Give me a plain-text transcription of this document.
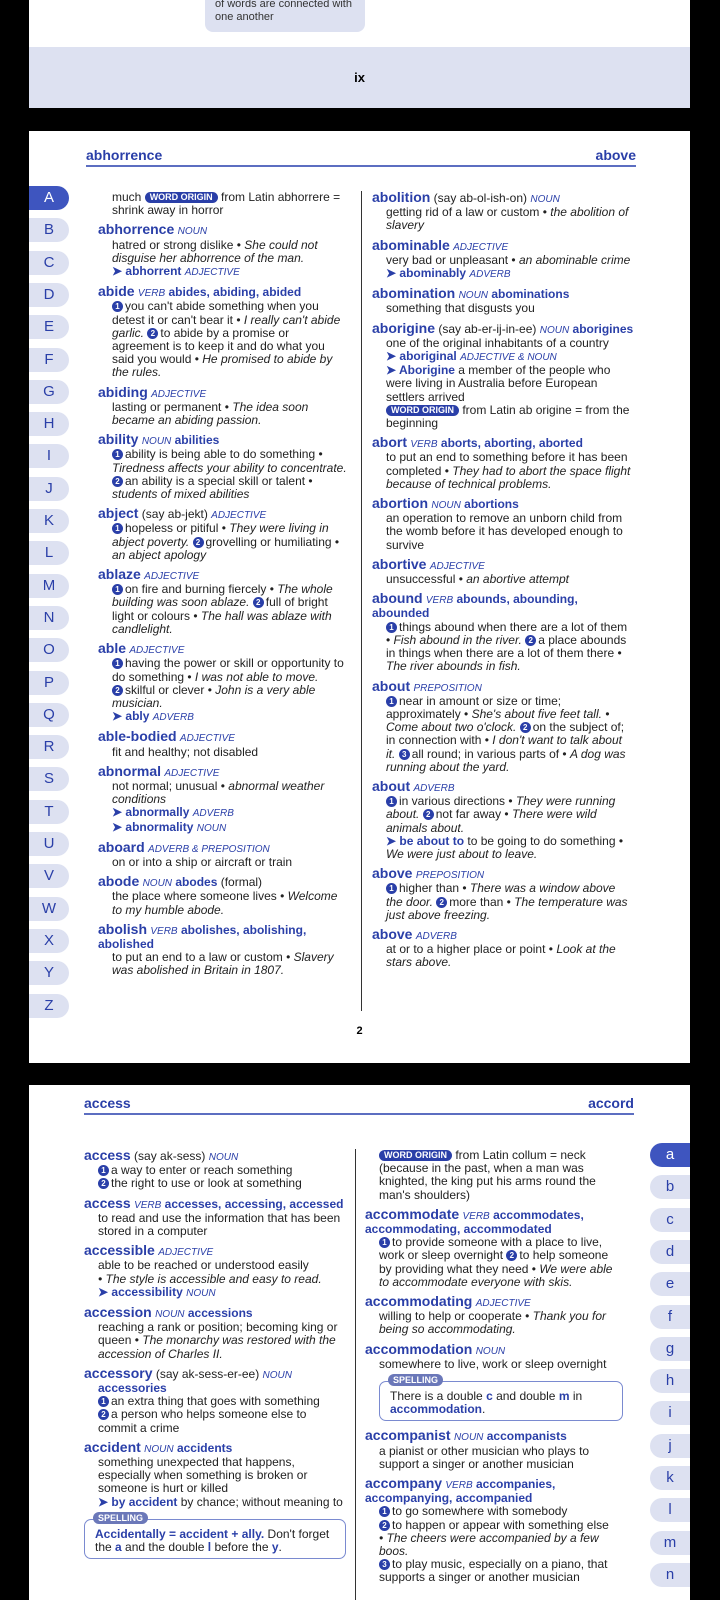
of words are connected with one another
ix
abhorrence	above
A
B
C
D
E
F
G
H
I
J
K
L
M
N
O
P
Q
R
S
T
U
V
W
X
Y
Z
much WORD ORIGIN from Latin abhorrere = shrink away in horror
abhorrence NOUN
hatred or strong dislike • She could not disguise her abhorrence of the man.
➤ abhorrent ADJECTIVE
abide VERB abides, abiding, abided
1 you can't abide something when you detest it or can't bear it • I really can't abide garlic. 2 to abide by a promise or agreement is to keep it and do what you said you would • He promised to abide by the rules.
abiding ADJECTIVE
lasting or permanent • The idea soon became an abiding passion.
ability NOUN abilities
1 ability is being able to do something • Tiredness affects your ability to concentrate. 2 an ability is a special skill or talent • students of mixed abilities
abject (say ab-jekt) ADJECTIVE
1 hopeless or pitiful • They were living in abject poverty. 2 grovelling or humiliating • an abject apology
ablaze ADJECTIVE
1 on fire and burning fiercely • The whole building was soon ablaze. 2 full of bright light or colours • The hall was ablaze with candlelight.
able ADJECTIVE
1 having the power or skill or opportunity to do something • I was not able to move.
2 skilful or clever • John is a very able musician.
➤ ably ADVERB
able-bodied ADJECTIVE
fit and healthy; not disabled
abnormal ADJECTIVE
not normal; unusual • abnormal weather conditions
➤ abnormally ADVERB
➤ abnormality NOUN
aboard ADVERB & PREPOSITION
on or into a ship or aircraft or train
abode NOUN abodes (formal)
the place where someone lives • Welcome to my humble abode.
abolish VERB abolishes, abolishing, abolished
to put an end to a law or custom • Slavery was abolished in Britain in 1807.
abolition (say ab-ol-ish-on) NOUN
getting rid of a law or custom • the abolition of slavery
abominable ADJECTIVE
very bad or unpleasant • an abominable crime
➤ abominably ADVERB
abomination NOUN abominations
something that disgusts you
aborigine (say ab-er-ij-in-ee) NOUN aborigines
one of the original inhabitants of a country
➤ aboriginal ADJECTIVE & NOUN
➤ Aborigine a member of the people who were living in Australia before European settlers arrived
WORD ORIGIN from Latin ab origine = from the beginning
abort VERB aborts, aborting, aborted
to put an end to something before it has been completed • They had to abort the space flight because of technical problems.
abortion NOUN abortions
an operation to remove an unborn child from the womb before it has developed enough to survive
abortive ADJECTIVE
unsuccessful • an abortive attempt
abound VERB abounds, abounding, abounded
1 things abound when there are a lot of them • Fish abound in the river. 2 a place abounds in things when there are a lot of them there • The river abounds in fish.
about PREPOSITION
1 near in amount or size or time; approximately • She's about five feet tall. • Come about two o'clock. 2 on the subject of; in connection with • I don't want to talk about it. 3 all round; in various parts of • A dog was running about the yard.
about ADVERB
1 in various directions • They were running about. 2 not far away • There were wild animals about.
➤ be about to to be going to do something • We were just about to leave.
above PREPOSITION
1 higher than • There was a window above the door. 2 more than • The temperature was just above freezing.
above ADVERB
at or to a higher place or point • Look at the stars above.
2
access	accord
a
b
c
d
e
f
g
h
i
j
k
l
m
n
access (say ak-sess) NOUN
1 a way to enter or reach something
2 the right to use or look at something
access VERB accesses, accessing, accessed
to read and use the information that has been stored in a computer
accessible ADJECTIVE
able to be reached or understood easily
• The style is accessible and easy to read.
➤ accessibility NOUN
accession NOUN accessions
reaching a rank or position; becoming king or queen • The monarchy was restored with the accession of Charles II.
accessory (say ak-sess-er-ee) NOUN
accessories
1 an extra thing that goes with something
2 a person who helps someone else to commit a crime
accident NOUN accidents
something unexpected that happens, especially when something is broken or someone is hurt or killed
➤ by accident by chance; without meaning to
SPELLING
Accidentally = accident + ally. Don't forget the a and the double l before the y.
WORD ORIGIN from Latin collum = neck (because in the past, when a man was knighted, the king put his arms round the man's shoulders)
accommodate VERB accommodates, accommodating, accommodated
1 to provide someone with a place to live, work or sleep overnight 2 to help someone by providing what they need • We were able to accommodate everyone with skis.
accommodating ADJECTIVE
willing to help or cooperate • Thank you for being so accommodating.
accommodation NOUN
somewhere to live, work or sleep overnight
SPELLING
There is a double c and double m in accommodation.
accompanist NOUN accompanists
a pianist or other musician who plays to support a singer or another musician
accompany VERB accompanies, accompanying, accompanied
1 to go somewhere with somebody
2 to happen or appear with something else
• The cheers were accompanied by a few boos.
3 to play music, especially on a piano, that supports a singer or another musician
